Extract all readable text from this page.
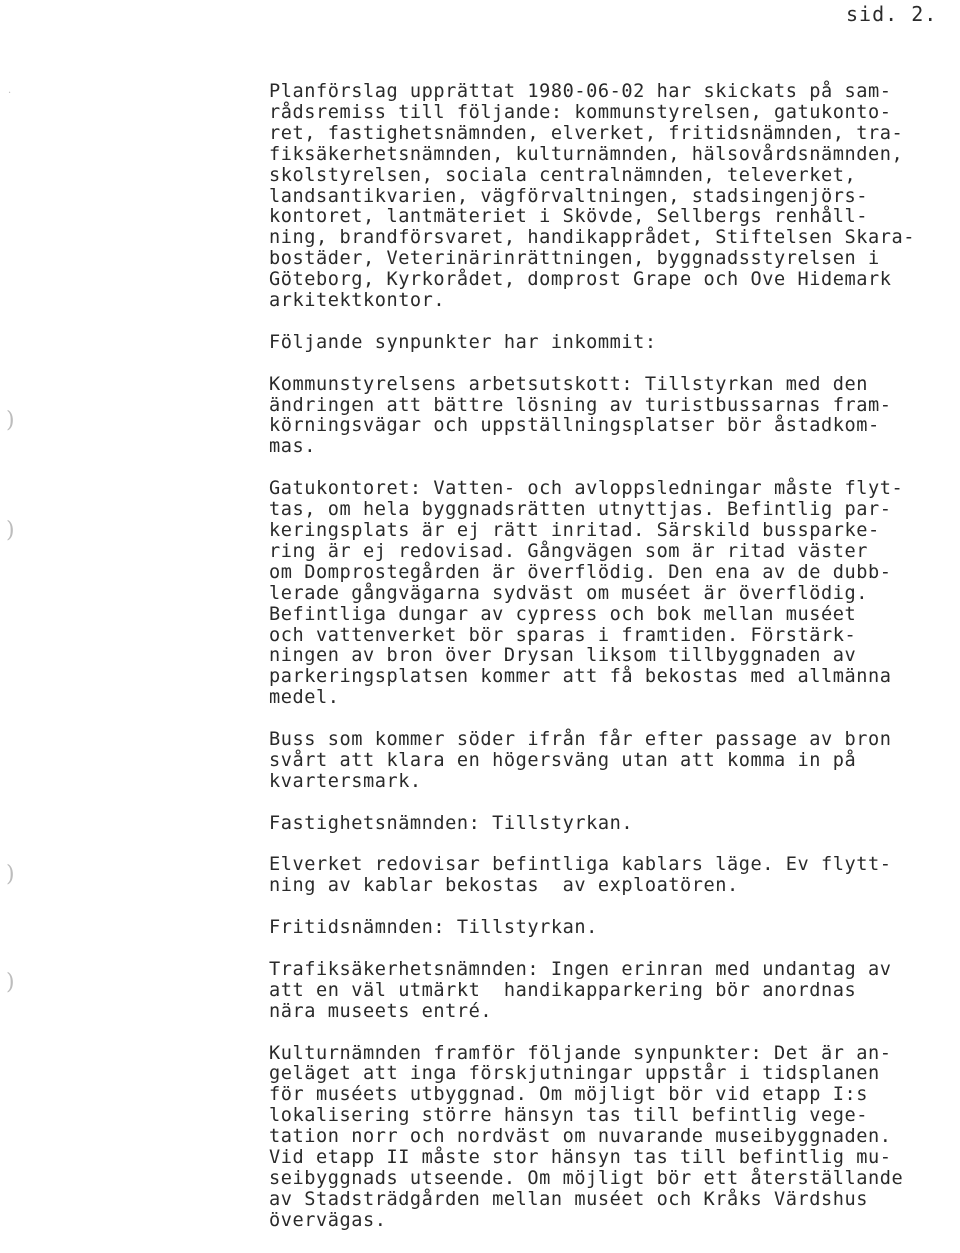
sid. 2.
·
)
)
)
)
Planförslag upprättat 1980-06-02 har skickats på sam-
rådsremiss till följande: kommunstyrelsen, gatukonto-
ret, fastighetsnämnden, elverket, fritidsnämnden, tra-
fiksäkerhetsnämnden, kulturnämnden, hälsovårdsnämnden,
skolstyrelsen, sociala centralnämnden, televerket,
landsantikvarien, vägförvaltningen, stadsingenjörs-
kontoret, lantmäteriet i Skövde, Sellbergs renhåll-
ning, brandförsvaret, handikapprådet, Stiftelsen Skara-
bostäder, Veterinärinrättningen, byggnadsstyrelsen i
Göteborg, Kyrkorådet, domprost Grape och Ove Hidemark
arkitektkontor.
Följande synpunkter har inkommit:
Kommunstyrelsens arbetsutskott: Tillstyrkan med den
ändringen att bättre lösning av turistbussarnas fram-
körningsvägar och uppställningsplatser bör åstadkom-
mas.
Gatukontoret: Vatten- och avloppsledningar måste flyt-
tas, om hela byggnadsrätten utnyttjas. Befintlig par-
keringsplats är ej rätt inritad. Särskild bussparke-
ring är ej redovisad. Gångvägen som är ritad väster
om Domprostegården är överflödig. Den ena av de dubb-
lerade gångvägarna sydväst om muséet är överflödig.
Befintliga dungar av cypress och bok mellan muséet
och vattenverket bör sparas i framtiden. Förstärk-
ningen av bron över Drysan liksom tillbyggnaden av
parkeringsplatsen kommer att få bekostas med allmänna
medel.
Buss som kommer söder ifrån får efter passage av bron
svårt att klara en högersväng utan att komma in på
kvartersmark.
Fastighetsnämnden: Tillstyrkan.
Elverket redovisar befintliga kablars läge. Ev flytt-
ning av kablar bekostas  av exploatören.
Fritidsnämnden: Tillstyrkan.
Trafiksäkerhetsnämnden: Ingen erinran med undantag av
att en väl utmärkt  handikapparkering bör anordnas
nära museets entré.
Kulturnämnden framför följande synpunkter: Det är an-
geläget att inga förskjutningar uppstår i tidsplanen
för muséets utbyggnad. Om möjligt bör vid etapp I:s
lokalisering större hänsyn tas till befintlig vege-
tation norr och nordväst om nuvarande museibyggnaden.
Vid etapp II måste stor hänsyn tas till befintlig mu-
seibyggnads utseende. Om möjligt bör ett återställande
av Stadsträdgården mellan muséet och Kråks Värdshus
övervägas.
